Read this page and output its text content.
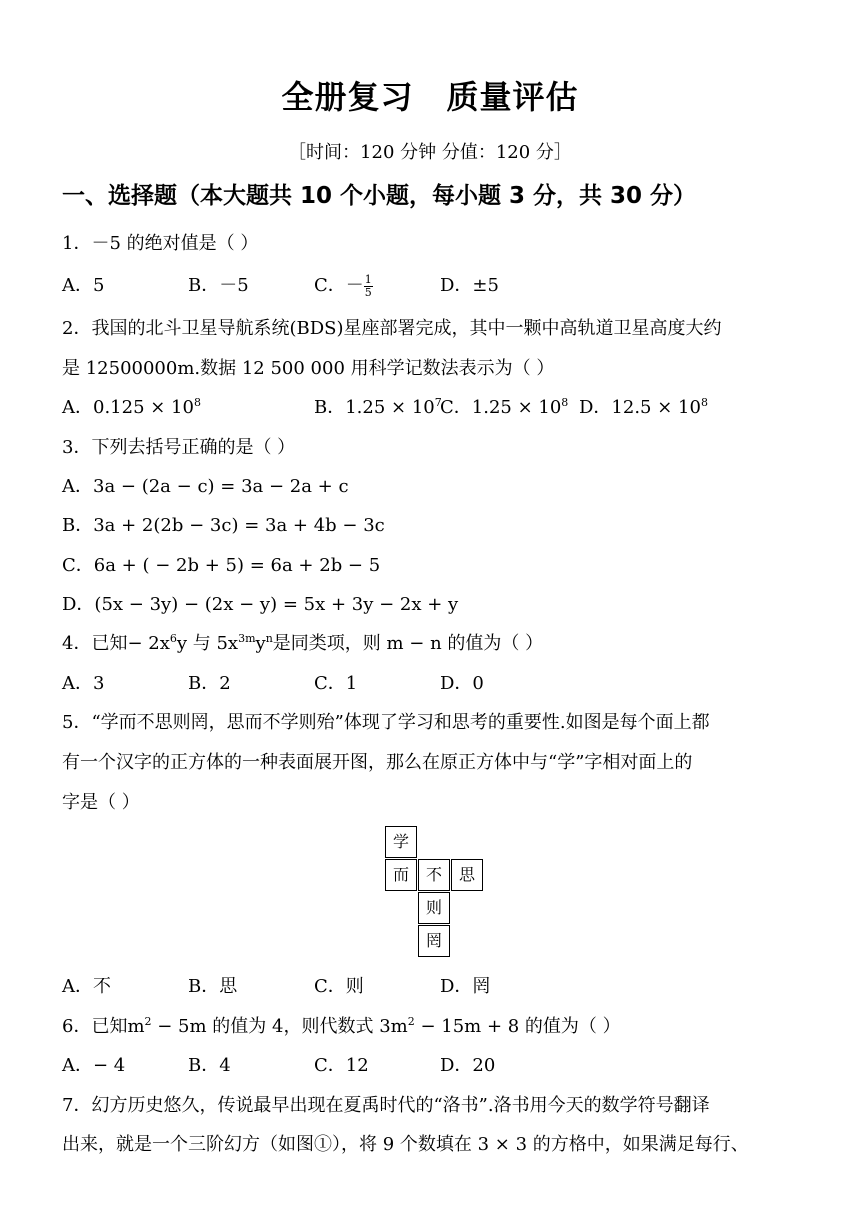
全册复习　质量评估
［时间：120 分钟 分值：120 分］
一、选择题（本大题共 10 个小题，每小题 3 分，共 30 分）
1．－5 的绝对值是（ ）
A．5	B．－5	C．－ $\frac{1}{5}$	D．±5
2．我国的北斗卫星导航系统(BDS)星座部署完成，其中一颗中高轨道卫星高度大约
是 12500000m.数据 12 500 000 用科学记数法表示为（ ）
A．$0.125 \times 10^8$	B．$1.25 \times 10^7$
C．$1.25 \times 10^8$ D．$12.5 \times 10^8$
3．下列去括号正确的是（ ）
A．3a − (2a − c) = 3a − 2a + c
B．3a + 2(2b − 3c) = 3a + 4b − 3c
C．6a + ( − 2b + 5) = 6a + 2b − 5
D．(5x − 3y) − (2x − y) = 5x + 3y − 2x + y
4．已知− $2x^6y$ 与 $5x^{3m}y^n$是同类项，则 m − n 的值为（ ）
A．3	B．2	C．1	D．0
5．“学而不思则罔，思而不学则殆”体现了学习和思考的重要性.如图是每个面上都
有一个汉字的正方体的一种表面展开图，那么在原正方体中与“学”字相对面上的
字是（ ）
学
而	不	思
则
罔
A．不	B．思	C．则	D．罔
6．已知$m^2 - 5m$ 的值为 4，则代数式 $3m^2 - 15m + 8$ 的值为（ ）
A．− 4	B．4	C．12	D．20
7．幻方历史悠久，传说最早出现在夏禹时代的“洛书”.洛书用今天的数学符号翻译
出来，就是一个三阶幻方（如图①），将 9 个数填在 3 × 3 的方格中，如果满足每行、
